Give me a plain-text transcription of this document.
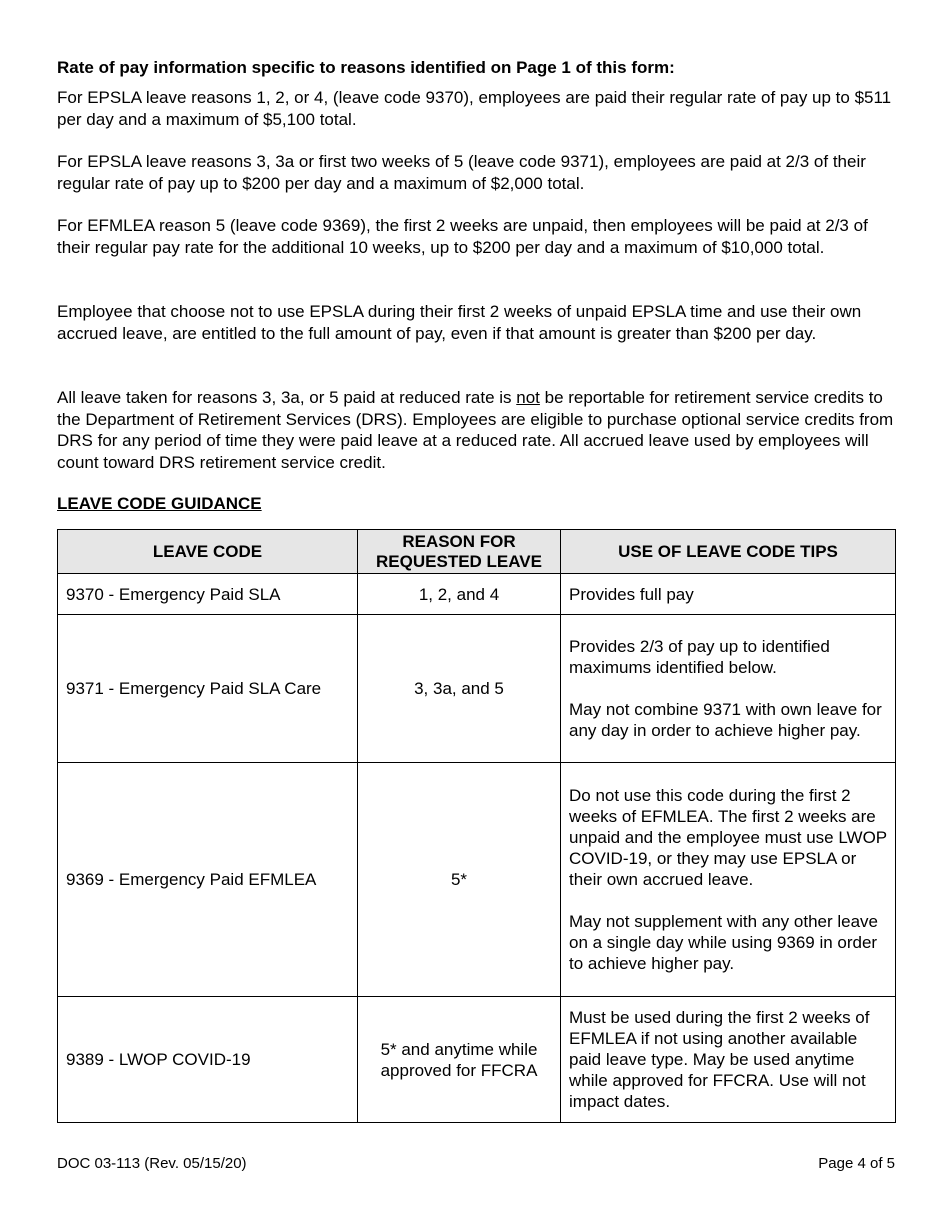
Rate of pay information specific to reasons identified on Page 1 of this form:

For EPSLA leave reasons 1, 2, or 4, (leave code 9370), employees are paid their regular rate of pay up to $511 per day and a maximum of $5,100 total.

For EPSLA leave reasons 3, 3a or first two weeks of 5 (leave code 9371), employees are paid at 2/3 of their regular rate of pay up to $200 per day and a maximum of $2,000 total.

For EFMLEA reason 5 (leave code 9369), the first 2 weeks are unpaid, then employees will be paid at 2/3 of their regular pay rate for the additional 10 weeks, up to $200 per day and a maximum of $10,000 total.

Employee that choose not to use EPSLA during their first 2 weeks of unpaid EPSLA time and use their own accrued leave, are entitled to the full amount of pay, even if that amount is greater than $200 per day.

All leave taken for reasons 3, 3a, or 5 paid at reduced rate is not be reportable for retirement service credits to the Department of Retirement Services (DRS). Employees are eligible to purchase optional service credits from DRS for any period of time they were paid leave at a reduced rate. All accrued leave used by employees will count toward DRS retirement service credit.

LEAVE CODE GUIDANCE
LEAVE CODE	REASON FOR REQUESTED LEAVE	USE OF LEAVE CODE TIPS
9370 - Emergency Paid SLA	1, 2, and 4	Provides full pay

9371 - Emergency Paid SLA Care	3, 3a, and 5	Provides 2/3 of pay up to identified maximums identified below.

May not combine 9371 with own leave for any day in order to achieve higher pay.

9369 - Emergency Paid EFMLEA	5*	Do not use this code during the first 2 weeks of EFMLEA. The first 2 weeks are unpaid and the employee must use LWOP COVID-19, or they may use EPSLA or their own accrued leave.

May not supplement with any other leave on a single day while using 9369 in order to achieve higher pay.

9389 - LWOP COVID-19	5* and anytime while approved for FFCRA	Must be used during the first 2 weeks of EFMLEA if not using another available paid leave type. May be used anytime while approved for FFCRA. Use will not impact dates.

DOC 03-113 (Rev. 05/15/20)	Page 4 of 5
